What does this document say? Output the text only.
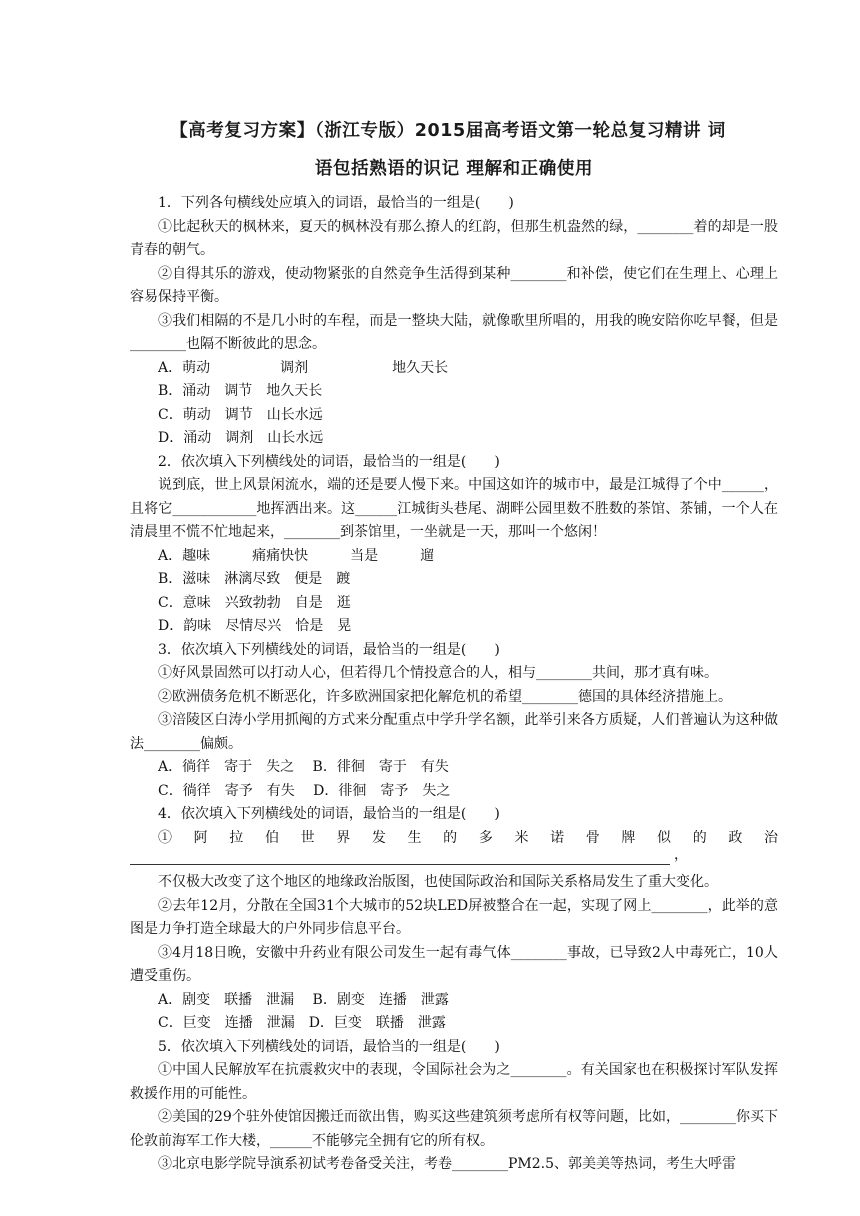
【高考复习方案】（浙江专版）2015届高考语文第一轮总复习精讲 词
语包括熟语的识记 理解和正确使用

1．下列各句横线处应填入的词语，最恰当的一组是(　　)

①比起秋天的枫林来，夏天的枫林没有那么撩人的红韵，但那生机盎然的绿，________着的却是一股青春的朝气。

②自得其乐的游戏，使动物紧张的自然竞争生活得到某种________和补偿，使它们在生理上、心理上容易保持平衡。

③我们相隔的不是几小时的车程，而是一整块大陆，就像歌里所唱的，用我的晚安陪你吃早餐，但是________也隔不断彼此的思念。

A．萌动　　　　　调剂　　　　　　地久天长

B．涌动　调节　地久天长

C．萌动　调节　山长水远

D．涌动　调剂　山长水远

2．依次填入下列横线处的词语，最恰当的一组是(　　)

说到底，世上风景闲流水，端的还是要人慢下来。中国这如许的城市中，最是江城得了个中______，且将它____________地挥洒出来。这______江城街头巷尾、湖畔公园里数不胜数的茶馆、茶铺，一个人在清晨里不慌不忙地起来，________到茶馆里，一坐就是一天，那叫一个悠闲！

A．趣味　　　痛痛快快　　　当是　　　遛

B．滋味　淋漓尽致　便是　踱

C．意味　兴致勃勃　自是　逛

D．韵味　尽情尽兴　恰是　晃

3．依次填入下列横线处的词语，最恰当的一组是(　　)

①好风景固然可以打动人心，但若得几个情投意合的人，相与________共间，那才真有味。

②欧洲债务危机不断恶化，许多欧洲国家把化解危机的希望________德国的具体经济措施上。

③涪陵区白涛小学用抓阄的方式来分配重点中学升学名额，此举引来各方质疑，人们普遍认为这种做法________偏颇。

A．徜徉　寄于　失之　 B．徘徊　寄于　有失

C．徜徉　寄予　有失　 D．徘徊　寄予　失之

4．依次填入下列横线处的词语，最恰当的一组是(　　)

①阿拉伯世界发生的多米诺骨牌似的政治

，

不仅极大改变了这个地区的地缘政治版图，也使国际政治和国际关系格局发生了重大变化。

②去年12月，分散在全国31个大城市的52块LED屏被整合在一起，实现了网上________，此举的意图是力争打造全球最大的户外同步信息平台。

③4月18日晚，安徽中升药业有限公司发生一起有毒气体________事故，已导致2人中毒死亡，10人遭受重伤。

A．剧变　联播　泄漏　 B．剧变　连播　泄露

C．巨变　连播　泄漏　D．巨变　联播　泄露

5．依次填入下列横线处的词语，最恰当的一组是(　　)

①中国人民解放军在抗震救灾中的表现，令国际社会为之________。有关国家也在积极探讨军队发挥救援作用的可能性。

②美国的29个驻外使馆因搬迁而欲出售，购买这些建筑须考虑所有权等问题，比如，________你买下伦敦前海军工作大楼，______不能够完全拥有它的所有权。

③北京电影学院导演系初试考卷备受关注，考卷________PM2.5、郭美美等热词，考生大呼雷
